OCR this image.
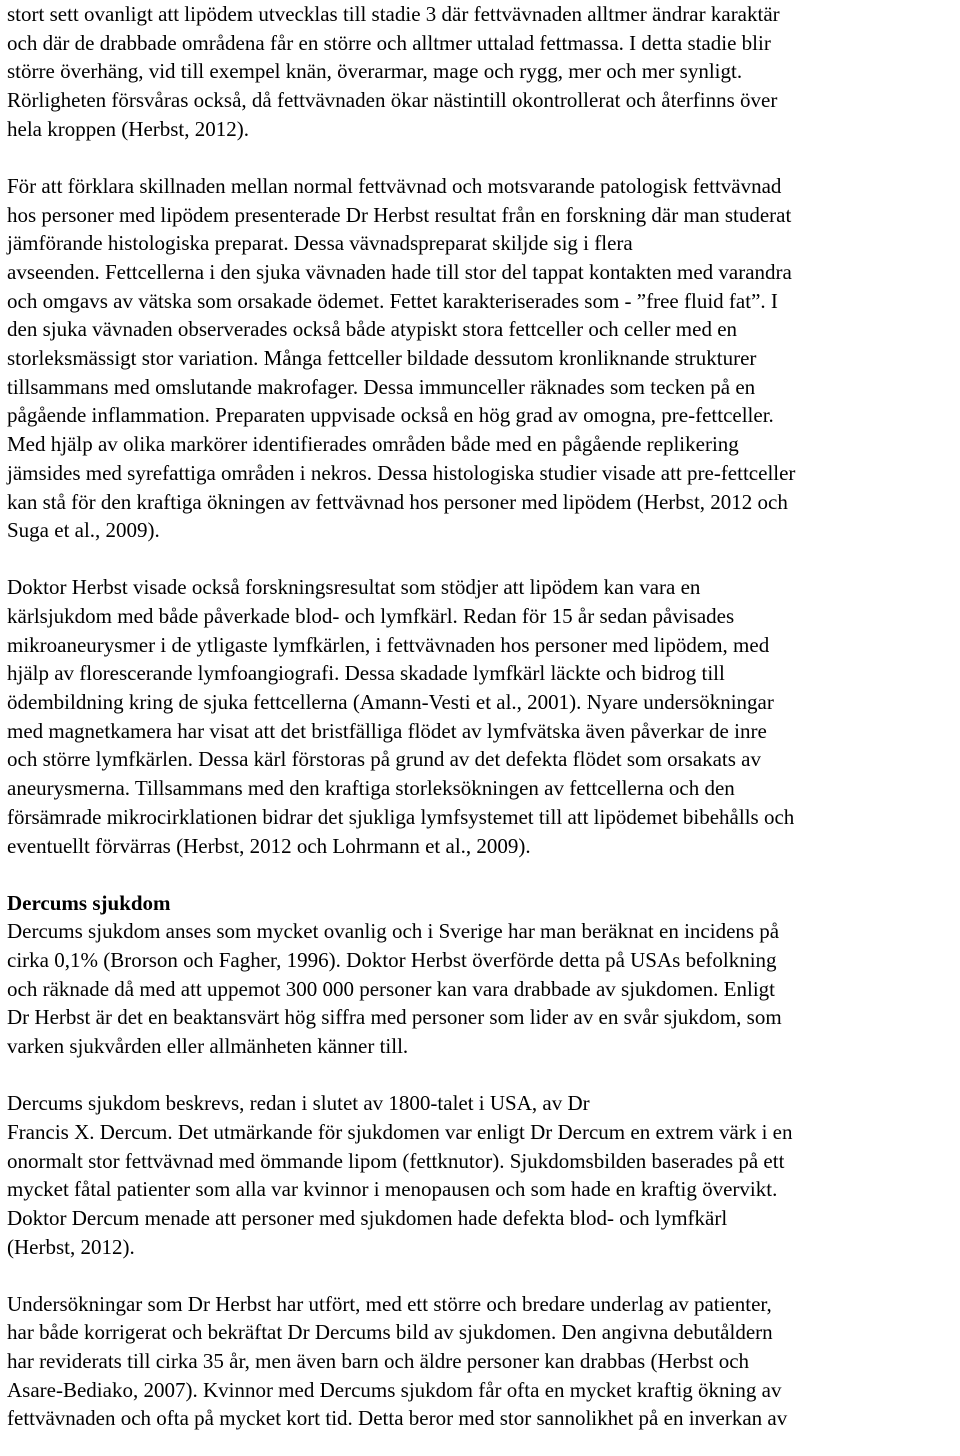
stort sett ovanligt att lipödem utvecklas till stadie 3 där fettvävnaden alltmer ändrar karaktär
och där de drabbade områdena får en större och alltmer uttalad fettmassa. I detta stadie blir
större överhäng, vid till exempel knän, överarmar, mage och rygg, mer och mer synligt.
Rörligheten försvåras också, då fettvävnaden ökar nästintill okontrollerat och återfinns över
hela kroppen (Herbst, 2012).
För att förklara skillnaden mellan normal fettvävnad och motsvarande patologisk fettvävnad
hos personer med lipödem presenterade Dr Herbst resultat från en forskning där man studerat
jämförande histologiska preparat. Dessa vävnadspreparat skiljde sig i flera
avseenden. Fettcellerna i den sjuka vävnaden hade till stor del tappat kontakten med varandra
och omgavs av vätska som orsakade ödemet. Fettet karakteriserades som - ”free fluid fat”. I
den sjuka vävnaden observerades också både atypiskt stora fettceller och celler med en
storleksmässigt stor variation. Många fettceller bildade dessutom kronliknande strukturer
tillsammans med omslutande makrofager. Dessa immunceller räknades som tecken på en
pågående inflammation. Preparaten uppvisade också en hög grad av omogna, pre-fettceller.
Med hjälp av olika markörer identifierades områden både med en pågående replikering
jämsides med syrefattiga områden i nekros. Dessa histologiska studier visade att pre-fettceller
kan stå för den kraftiga ökningen av fettvävnad hos personer med lipödem (Herbst, 2012 och
Suga et al., 2009).
Doktor Herbst visade också forskningsresultat som stödjer att lipödem kan vara en
kärlsjukdom med både påverkade blod- och lymfkärl. Redan för 15 år sedan påvisades
mikroaneurysmer i de ytligaste lymfkärlen, i fettvävnaden hos personer med lipödem, med
hjälp av florescerande lymfoangiografi. Dessa skadade lymfkärl läckte och bidrog till
ödembildning kring de sjuka fettcellerna (Amann-Vesti et al., 2001). Nyare undersökningar
med magnetkamera har visat att det bristfälliga flödet av lymfvätska även påverkar de inre
och större lymfkärlen. Dessa kärl förstoras på grund av det defekta flödet som orsakats av
aneurysmerna. Tillsammans med den kraftiga storleksökningen av fettcellerna och den
försämrade mikrocirklationen bidrar det sjukliga lymfsystemet till att lipödemet bibehålls och
eventuellt förvärras (Herbst, 2012 och Lohrmann et al., 2009).
Dercums sjukdom
Dercums sjukdom anses som mycket ovanlig och i Sverige har man beräknat en incidens på
cirka 0,1% (Brorson och Fagher, 1996). Doktor Herbst överförde detta på USAs befolkning
och räknade då med att uppemot 300 000 personer kan vara drabbade av sjukdomen. Enligt
Dr Herbst är det en beaktansvärt hög siffra med personer som lider av en svår sjukdom, som
varken sjukvården eller allmänheten känner till.
Dercums sjukdom beskrevs, redan i slutet av 1800-talet i USA, av Dr
Francis X. Dercum. Det utmärkande för sjukdomen var enligt Dr Dercum en extrem värk i en
onormalt stor fettvävnad med ömmande lipom (fettknutor). Sjukdomsbilden baserades på ett
mycket fåtal patienter som alla var kvinnor i menopausen och som hade en kraftig övervikt.
Doktor Dercum menade att personer med sjukdomen hade defekta blod- och lymfkärl
(Herbst, 2012).
Undersökningar som Dr Herbst har utfört, med ett större och bredare underlag av patienter,
har både korrigerat och bekräftat Dr Dercums bild av sjukdomen. Den angivna debutåldern
har reviderats till cirka 35 år, men även barn och äldre personer kan drabbas (Herbst och
Asare-Bediako, 2007). Kvinnor med Dercums sjukdom får ofta en mycket kraftig ökning av
fettvävnaden och ofta på mycket kort tid. Detta beror med stor sannolikhet på en inverkan av
